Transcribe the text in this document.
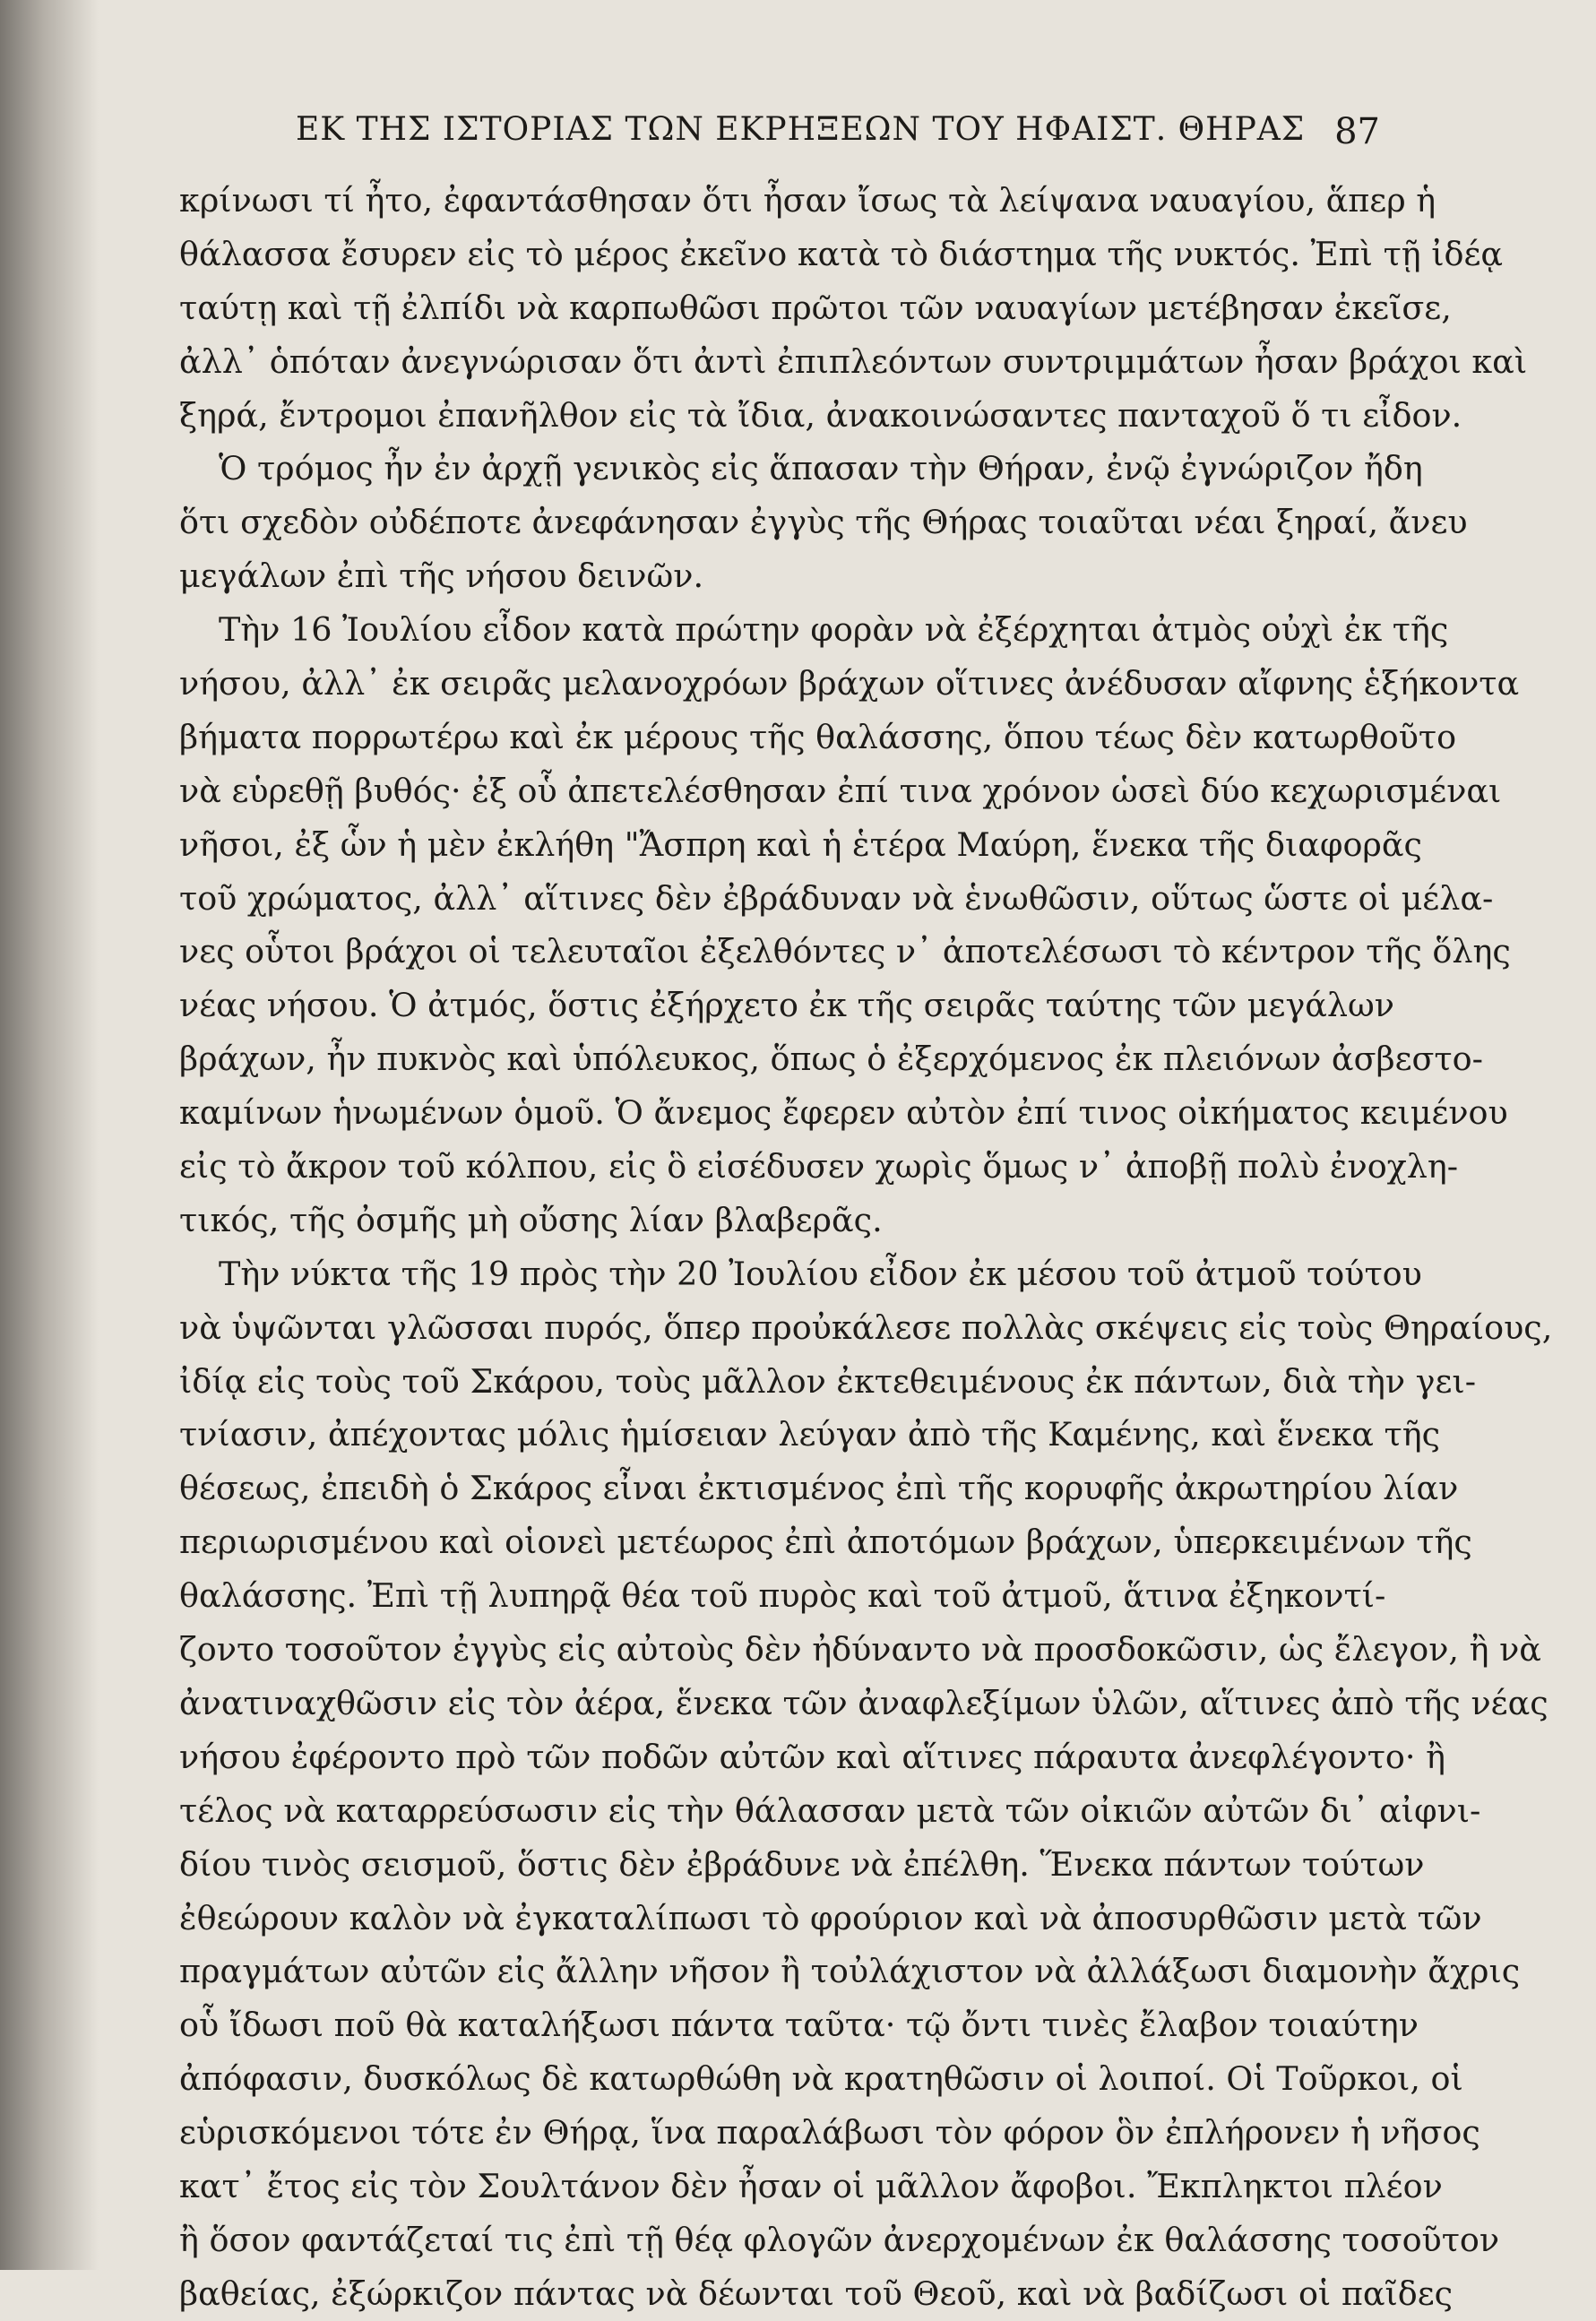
ΕΚ ΤΗΣ ΙΣΤΟΡΙΑΣ ΤΩΝ ΕΚΡΗΞΕΩΝ ΤΟΥ ΗΦΑΙΣΤ. ΘΗΡΑΣ 87
κρίνωσι τί ἦτο, ἐφαντάσθησαν ὅτι ἦσαν ἴσως τὰ λείψανα ναυαγίου, ἅπερ ἡ
θάλασσα ἔσυρεν εἰς τὸ μέρος ἐκεῖνο κατὰ τὸ διάστημα τῆς νυκτός. Ἐπὶ τῇ ἰδέᾳ
ταύτῃ καὶ τῇ ἐλπίδι νὰ καρπωθῶσι πρῶτοι τῶν ναυαγίων μετέβησαν ἐκεῖσε,
ἀλλ᾽ ὁπόταν ἀνεγνώρισαν ὅτι ἀντὶ ἐπιπλεόντων συντριμμάτων ἦσαν βράχοι καὶ
ξηρά, ἔντρομοι ἐπανῆλθον εἰς τὰ ἴδια, ἀνακοινώσαντες πανταχοῦ ὅ τι εἶδον.
Ὁ τρόμος ἦν ἐν ἀρχῇ γενικὸς εἰς ἅπασαν τὴν Θήραν, ἐνῷ ἐγνώριζον ἤδη
ὅτι σχεδὸν οὐδέποτε ἀνεφάνησαν ἐγγὺς τῆς Θήρας τοιαῦται νέαι ξηραί, ἄνευ
μεγάλων ἐπὶ τῆς νήσου δεινῶν.
Τὴν 16 Ἰουλίου εἶδον κατὰ πρώτην φορὰν νὰ ἐξέρχηται ἀτμὸς οὐχὶ ἐκ τῆς
νήσου, ἀλλ᾽ ἐκ σειρᾶς μελανοχρόων βράχων οἵτινες ἀνέδυσαν αἴφνης ἑξήκοντα
βήματα πορρωτέρω καὶ ἐκ μέρους τῆς θαλάσσης, ὅπου τέως δὲν κατωρθοῦτο
νὰ εὑρεθῇ βυθός· ἐξ οὗ ἀπετελέσθησαν ἐπί τινα χρόνον ὡσεὶ δύο κεχωρισμέναι
νῆσοι, ἐξ ὧν ἡ μὲν ἐκλήθη "Ἄσπρη καὶ ἡ ἑτέρα Μαύρη, ἕνεκα τῆς διαφορᾶς
τοῦ χρώματος, ἀλλ᾽ αἵτινες δὲν ἐβράδυναν νὰ ἑνωθῶσιν, οὕτως ὥστε οἱ μέλα-
νες οὗτοι βράχοι οἱ τελευταῖοι ἐξελθόντες ν᾽ ἀποτελέσωσι τὸ κέντρον τῆς ὅλης
νέας νήσου. Ὁ ἀτμός, ὅστις ἐξήρχετο ἐκ τῆς σειρᾶς ταύτης τῶν μεγάλων
βράχων, ἦν πυκνὸς καὶ ὑπόλευκος, ὅπως ὁ ἐξερχόμενος ἐκ πλειόνων ἀσβεστο-
καμίνων ἡνωμένων ὁμοῦ. Ὁ ἄνεμος ἔφερεν αὐτὸν ἐπί τινος οἰκήματος κειμένου
εἰς τὸ ἄκρον τοῦ κόλπου, εἰς ὃ εἰσέδυσεν χωρὶς ὅμως ν᾽ ἀποβῇ πολὺ ἐνοχλη-
τικός, τῆς ὀσμῆς μὴ οὔσης λίαν βλαβερᾶς.
Τὴν νύκτα τῆς 19 πρὸς τὴν 20 Ἰουλίου εἶδον ἐκ μέσου τοῦ ἀτμοῦ τούτου
νὰ ὑψῶνται γλῶσσαι πυρός, ὅπερ προὐκάλεσε πολλὰς σκέψεις εἰς τοὺς Θηραίους,
ἰδίᾳ εἰς τοὺς τοῦ Σκάρου, τοὺς μᾶλλον ἐκτεθειμένους ἐκ πάντων, διὰ τὴν γει-
τνίασιν, ἀπέχοντας μόλις ἡμίσειαν λεύγαν ἀπὸ τῆς Καμένης, καὶ ἕνεκα τῆς
θέσεως, ἐπειδὴ ὁ Σκάρος εἶναι ἐκτισμένος ἐπὶ τῆς κορυφῆς ἀκρωτηρίου λίαν
περιωρισμένου καὶ οἱονεὶ μετέωρος ἐπὶ ἀποτόμων βράχων, ὑπερκειμένων τῆς
θαλάσσης. Ἐπὶ τῇ λυπηρᾷ θέα τοῦ πυρὸς καὶ τοῦ ἀτμοῦ, ἅτινα ἐξηκοντί-
ζοντο τοσοῦτον ἐγγὺς εἰς αὐτοὺς δὲν ἠδύναντο νὰ προσδοκῶσιν, ὡς ἔλεγον, ἢ νὰ
ἀνατιναχθῶσιν εἰς τὸν ἀέρα, ἕνεκα τῶν ἀναφλεξίμων ὑλῶν, αἵτινες ἀπὸ τῆς νέας
νήσου ἐφέροντο πρὸ τῶν ποδῶν αὐτῶν καὶ αἵτινες πάραυτα ἀνεφλέγοντο· ἢ
τέλος νὰ καταρρεύσωσιν εἰς τὴν θάλασσαν μετὰ τῶν οἰκιῶν αὐτῶν δι᾽ αἰφνι-
δίου τινὸς σεισμοῦ, ὅστις δὲν ἐβράδυνε νὰ ἐπέλθη. Ἕνεκα πάντων τούτων
ἐθεώρουν καλὸν νὰ ἐγκαταλίπωσι τὸ φρούριον καὶ νὰ ἀποσυρθῶσιν μετὰ τῶν
πραγμάτων αὐτῶν εἰς ἄλλην νῆσον ἢ τοὐλάχιστον νὰ ἀλλάξωσι διαμονὴν ἄχρις
οὗ ἴδωσι ποῦ θὰ καταλήξωσι πάντα ταῦτα· τῷ ὄντι τινὲς ἔλαβον τοιαύτην
ἀπόφασιν, δυσκόλως δὲ κατωρθώθη νὰ κρατηθῶσιν οἱ λοιποί. Οἱ Τοῦρκοι, οἱ
εὑρισκόμενοι τότε ἐν Θήρᾳ, ἵνα παραλάβωσι τὸν φόρον ὃν ἐπλήρονεν ἡ νῆσος
κατ᾽ ἔτος εἰς τὸν Σουλτάνον δὲν ἦσαν οἱ μᾶλλον ἄφοβοι. Ἔκπληκτοι πλέον
ἢ ὅσον φαντάζεταί τις ἐπὶ τῇ θέᾳ φλογῶν ἀνερχομένων ἐκ θαλάσσης τοσοῦτον
βαθείας, ἐξώρκιζον πάντας νὰ δέωνται τοῦ Θεοῦ, καὶ νὰ βαδίζωσι οἱ παῖδες
